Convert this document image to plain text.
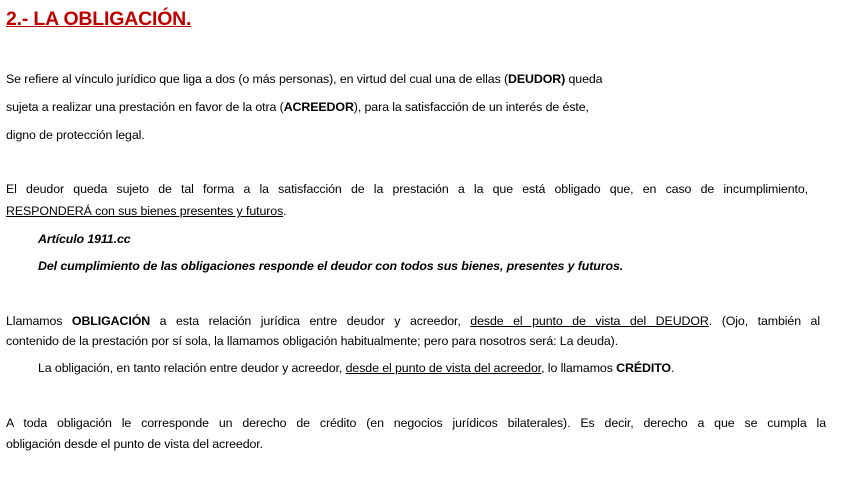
2.- LA OBLIGACIÓN.
Se refiere al vínculo jurídico que liga a dos (o más personas), en virtud del cual una de ellas (DEUDOR) queda
sujeta a realizar una prestación en favor de la otra (ACREEDOR), para la satisfacción de un interés de éste,
digno de protección legal.
El deudor queda sujeto de tal forma a la satisfacción de la prestación a la que está obligado que, en caso de incumplimiento,
RESPONDERÁ con sus bienes presentes y futuros.
Artículo 1911.cc
Del cumplimiento de las obligaciones responde el deudor con todos sus bienes, presentes y futuros.
Llamamos OBLIGACIÓN a esta relación jurídica entre deudor y acreedor, desde el punto de vista del DEUDOR. (Ojo, también al
contenido de la prestación por sí sola, la llamamos obligación habitualmente; pero para nosotros será: La deuda).
La obligación, en tanto relación entre deudor y acreedor, desde el punto de vista del acreedor, lo llamamos CRÉDITO.
A toda obligación le corresponde un derecho de crédito (en negocios jurídicos bilaterales). Es decir, derecho a que se cumpla la
obligación desde el punto de vista del acreedor.
